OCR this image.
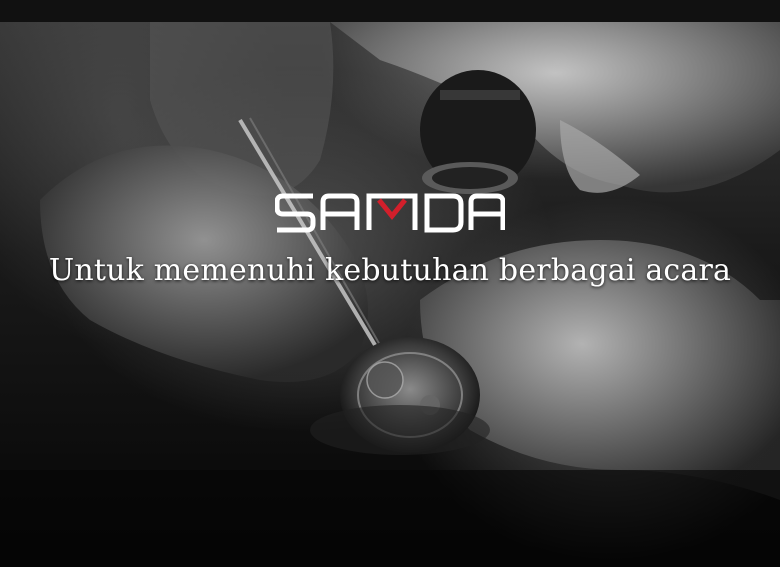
Untuk memenuhi kebutuhan berbagai acara
